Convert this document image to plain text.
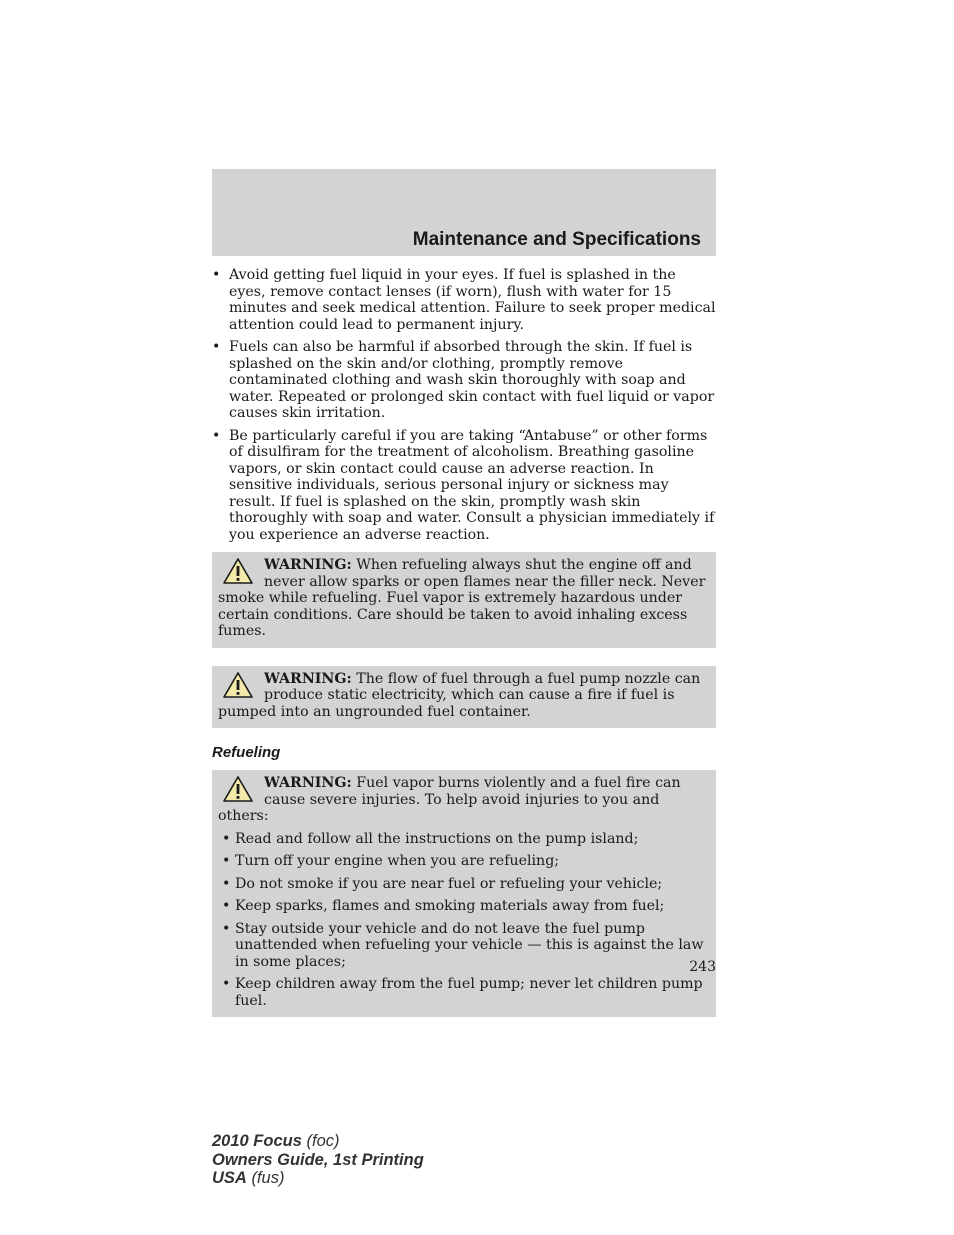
Maintenance and Specifications
• Avoid getting fuel liquid in your eyes. If fuel is splashed in the eyes, remove contact lenses (if worn), flush with water for 15 minutes and seek medical attention. Failure to seek proper medical attention could lead to permanent injury.
• Fuels can also be harmful if absorbed through the skin. If fuel is splashed on the skin and/or clothing, promptly remove contaminated clothing and wash skin thoroughly with soap and water. Repeated or prolonged skin contact with fuel liquid or vapor causes skin irritation.
• Be particularly careful if you are taking “Antabuse” or other forms of disulfiram for the treatment of alcoholism. Breathing gasoline vapors, or skin contact could cause an adverse reaction. In sensitive individuals, serious personal injury or sickness may result. If fuel is splashed on the skin, promptly wash skin thoroughly with soap and water. Consult a physician immediately if you experience an adverse reaction.

WARNING: When refueling always shut the engine off and never allow sparks or open flames near the filler neck. Never smoke while refueling. Fuel vapor is extremely hazardous under certain conditions. Care should be taken to avoid inhaling excess fumes.

WARNING: The flow of fuel through a fuel pump nozzle can produce static electricity, which can cause a fire if fuel is pumped into an ungrounded fuel container.

Refueling

WARNING: Fuel vapor burns violently and a fuel fire can cause severe injuries. To help avoid injuries to you and others:

• Read and follow all the instructions on the pump island;
• Turn off your engine when you are refueling;
• Do not smoke if you are near fuel or refueling your vehicle;
• Keep sparks, flames and smoking materials away from fuel;
• Stay outside your vehicle and do not leave the fuel pump unattended when refueling your vehicle — this is against the law in some places;
• Keep children away from the fuel pump; never let children pump fuel.
243
2010 Focus (foc)
Owners Guide, 1st Printing
USA (fus)
